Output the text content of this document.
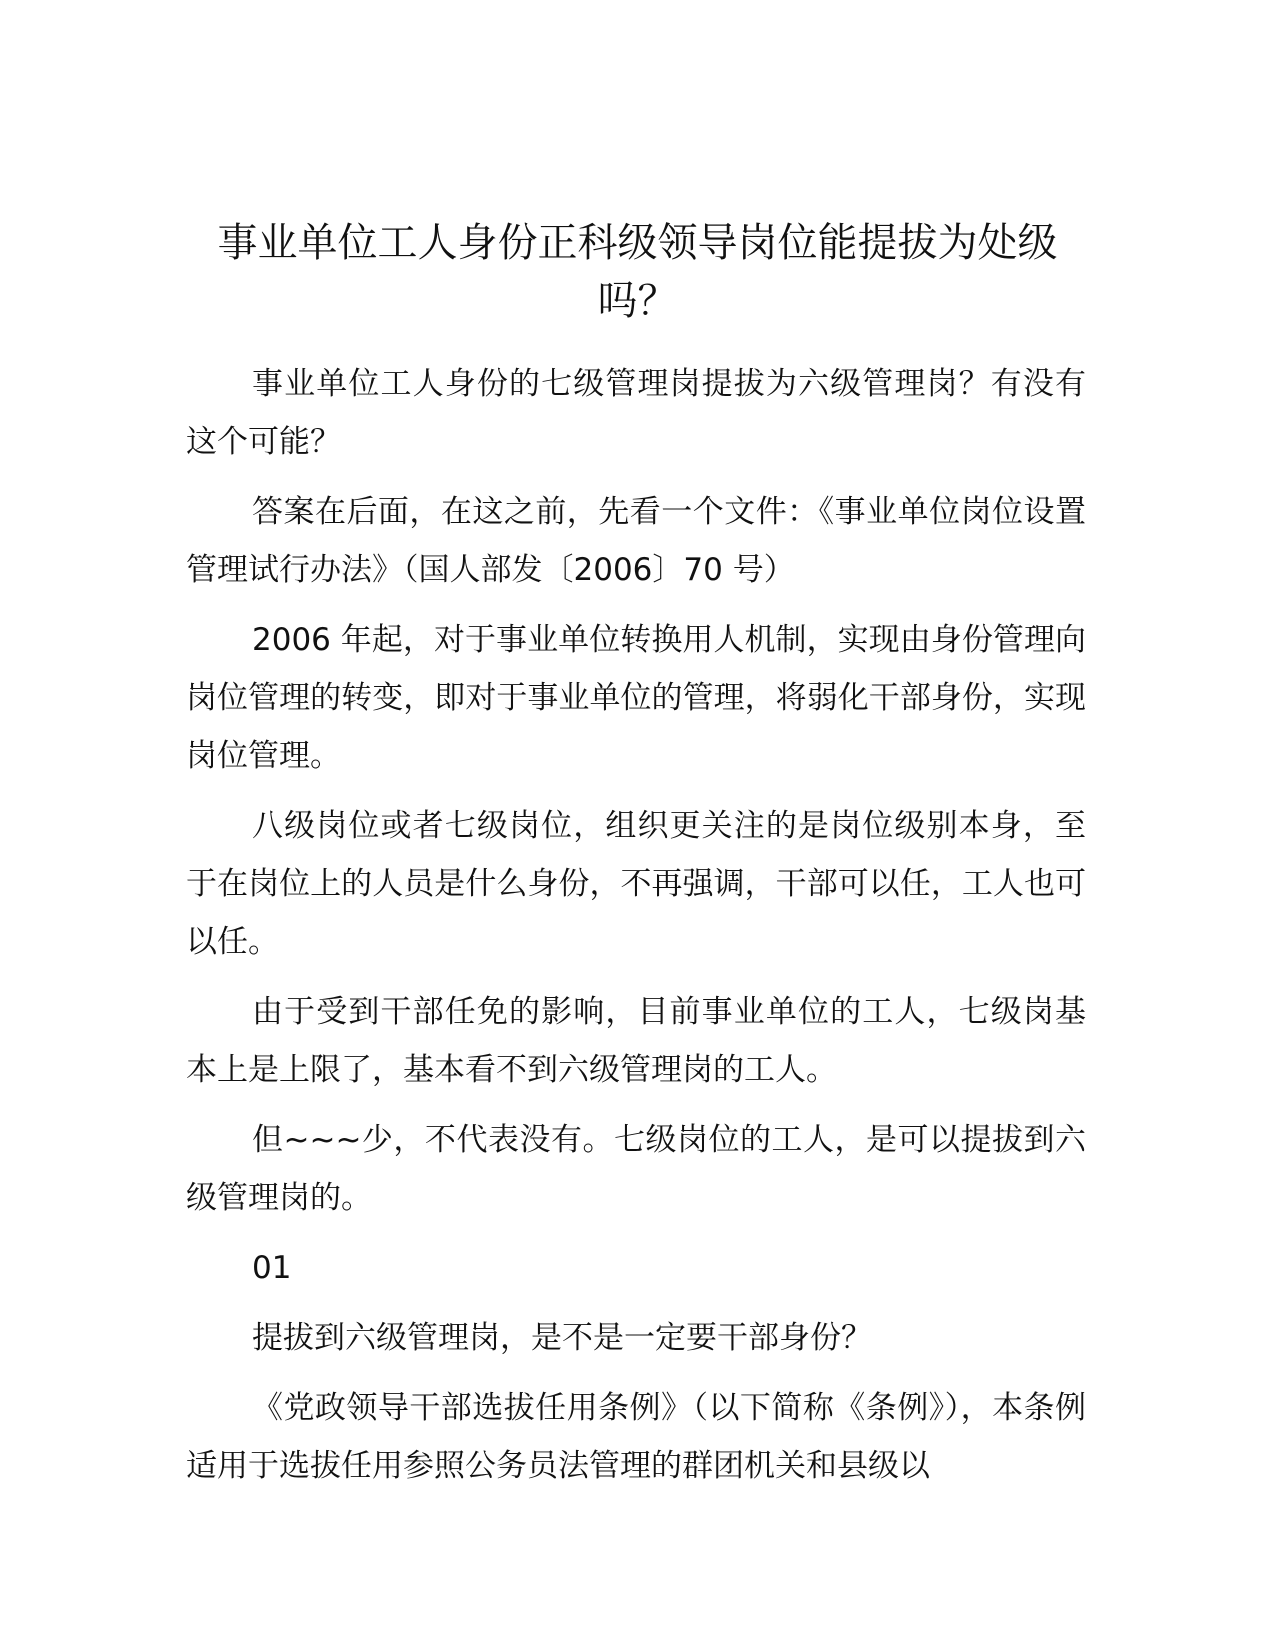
事业单位工人身份正科级领导岗位能提拔为处级吗？

事业单位工人身份的七级管理岗提拔为六级管理岗？有没有这个可能？

答案在后面，在这之前，先看一个文件：《事业单位岗位设置管理试行办法》（国人部发〔2006〕70 号）

2006 年起，对于事业单位转换用人机制，实现由身份管理向岗位管理的转变，即对于事业单位的管理，将弱化干部身份，实现岗位管理。

八级岗位或者七级岗位，组织更关注的是岗位级别本身，至于在岗位上的人员是什么身份，不再强调，干部可以任，工人也可以任。

由于受到干部任免的影响，目前事业单位的工人，七级岗基本上是上限了，基本看不到六级管理岗的工人。

但~~~少，不代表没有。七级岗位的工人，是可以提拔到六级管理岗的。

01

提拔到六级管理岗，是不是一定要干部身份？

《党政领导干部选拔任用条例》（以下简称《条例》），本条例适用于选拔任用参照公务员法管理的群团机关和县级以
